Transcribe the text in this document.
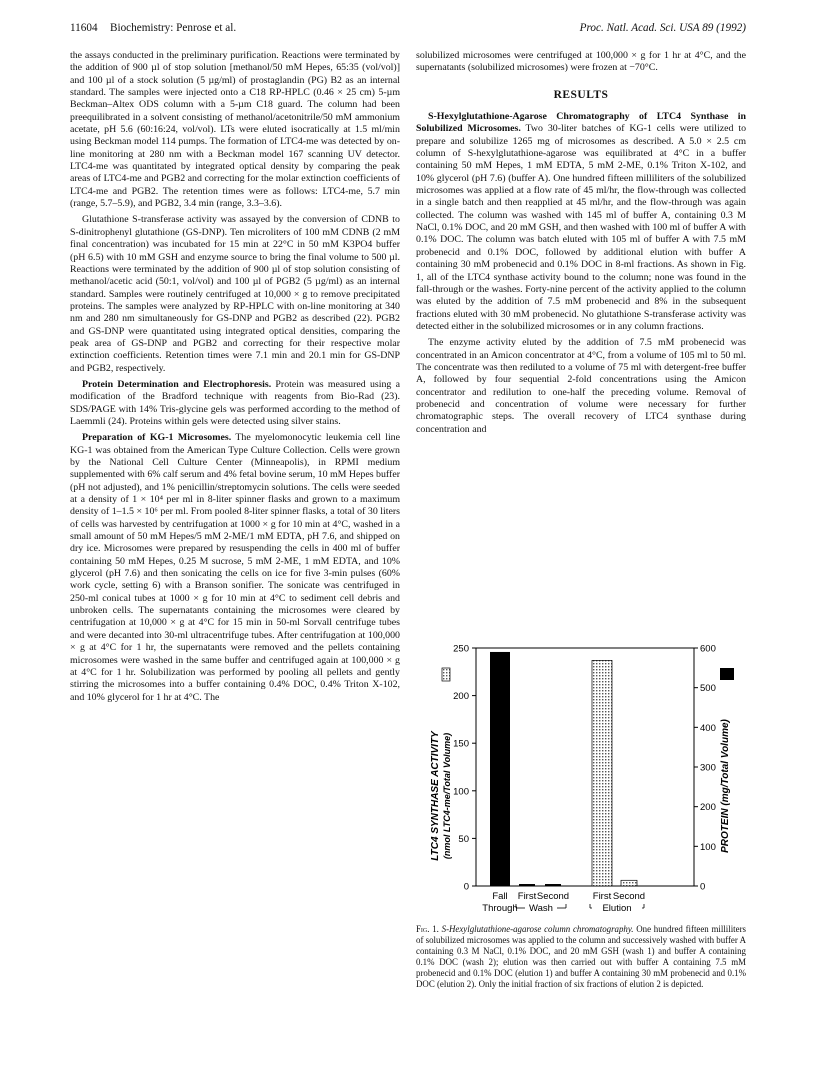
11604 Biochemistry: Penrose et al.	Proc. Natl. Acad. Sci. USA 89 (1992)

the assays conducted in the preliminary purification. Reactions were terminated by the addition of 900 µl of stop solution [methanol/50 mM Hepes, 65:35 (vol/vol)] and 100 µl of a stock solution (5 µg/ml) of prostaglandin (PG) B2 as an internal standard. The samples were injected onto a C18 RP-HPLC (0.46 × 25 cm) 5-µm Beckman–Altex ODS column with a 5-µm C18 guard. The column had been preequilibrated in a solvent consisting of methanol/acetonitrile/50 mM ammonium acetate, pH 5.6 (60:16:24, vol/vol). LTs were eluted isocratically at 1.5 ml/min using Beckman model 114 pumps. The formation of LTC4-me was detected by on-line monitoring at 280 nm with a Beckman model 167 scanning UV detector. LTC4-me was quantitated by integrated optical density by comparing the peak areas of LTC4-me and PGB2 and correcting for the molar extinction coefficients of LTC4-me and PGB2. The retention times were as follows: LTC4-me, 5.7 min (range, 5.7–5.9), and PGB2, 3.4 min (range, 3.3–3.6).

Glutathione S-transferase activity was assayed by the conversion of CDNB to S-dinitrophenyl glutathione (GS-DNP). Ten microliters of 100 mM CDNB (2 mM final concentration) was incubated for 15 min at 22°C in 50 mM K3PO4 buffer (pH 6.5) with 10 mM GSH and enzyme source to bring the final volume to 500 µl. Reactions were terminated by the addition of 900 µl of stop solution consisting of methanol/acetic acid (50:1, vol/vol) and 100 µl of PGB2 (5 µg/ml) as an internal standard. Samples were routinely centrifuged at 10,000 × g to remove precipitated proteins. The samples were analyzed by RP-HPLC with on-line monitoring at 340 nm and 280 nm simultaneously for GS-DNP and PGB2 as described (22). PGB2 and GS-DNP were quantitated using integrated optical densities, comparing the peak area of GS-DNP and PGB2 and correcting for their respective molar extinction coefficients. Retention times were 7.1 min and 20.1 min for GS-DNP and PGB2, respectively.

Protein Determination and Electrophoresis. Protein was measured using a modification of the Bradford technique with reagents from Bio-Rad (23). SDS/PAGE with 14% Tris-glycine gels was performed according to the method of Laemmli (24). Proteins within gels were detected using silver stains.

Preparation of KG-1 Microsomes. The myelomonocytic leukemia cell line KG-1 was obtained from the American Type Culture Collection. Cells were grown by the National Cell Culture Center (Minneapolis), in RPMI medium supplemented with 6% calf serum and 4% fetal bovine serum, 10 mM Hepes buffer (pH not adjusted), and 1% penicillin/streptomycin solutions. The cells were seeded at a density of 1 × 10⁴ per ml in 8-liter spinner flasks and grown to a maximum density of 1–1.5 × 10⁶ per ml. From pooled 8-liter spinner flasks, a total of 30 liters of cells was harvested by centrifugation at 1000 × g for 10 min at 4°C, washed in a small amount of 50 mM Hepes/5 mM 2-ME/1 mM EDTA, pH 7.6, and shipped on dry ice. Microsomes were prepared by resuspending the cells in 400 ml of buffer containing 50 mM Hepes, 0.25 M sucrose, 5 mM 2-ME, 1 mM EDTA, and 10% glycerol (pH 7.6) and then sonicating the cells on ice for five 3-min pulses (60% work cycle, setting 6) with a Branson sonifier. The sonicate was centrifuged in 250-ml conical tubes at 1000 × g for 10 min at 4°C to sediment cell debris and unbroken cells. The supernatants containing the microsomes were cleared by centrifugation at 10,000 × g at 4°C for 15 min in 50-ml Sorvall centrifuge tubes and were decanted into 30-ml ultracentrifuge tubes. After centrifugation at 100,000 × g at 4°C for 1 hr, the supernatants were removed and the pellets containing microsomes were washed in the same buffer and centrifuged again at 100,000 × g at 4°C for 1 hr. Solubilization was performed by pooling all pellets and gently stirring the microsomes into a buffer containing 0.4% DOC, 0.4% Triton X-102, and 10% glycerol for 1 hr at 4°C. The

solubilized microsomes were centrifuged at 100,000 × g for 1 hr at 4°C, and the supernatants (solubilized microsomes) were frozen at −70°C.

RESULTS

S-Hexylglutathione-Agarose Chromatography of LTC4 Synthase in Solubilized Microsomes. Two 30-liter batches of KG-1 cells were utilized to prepare and solubilize 1265 mg of microsomes as described. A 5.0 × 2.5 cm column of S-hexylglutathione-agarose was equilibrated at 4°C in a buffer containing 50 mM Hepes, 1 mM EDTA, 5 mM 2-ME, 0.1% Triton X-102, and 10% glycerol (pH 7.6) (buffer A). One hundred fifteen milliliters of the solubilized microsomes was applied at a flow rate of 45 ml/hr, the flow-through was collected in a single batch and then reapplied at 45 ml/hr, and the flow-through was again collected. The column was washed with 145 ml of buffer A, containing 0.3 M NaCl, 0.1% DOC, and 20 mM GSH, and then washed with 100 ml of buffer A with 0.1% DOC. The column was batch eluted with 105 ml of buffer A with 7.5 mM probenecid and 0.1% DOC, followed by additional elution with buffer A containing 30 mM probenecid and 0.1% DOC in 8-ml fractions. As shown in Fig. 1, all of the LTC4 synthase activity bound to the column; none was found in the fall-through or the washes. Forty-nine percent of the activity applied to the column was eluted by the addition of 7.5 mM probenecid and 8% in the subsequent fractions eluted with 30 mM probenecid. No glutathione S-transferase activity was detected either in the solubilized microsomes or in any column fractions.

The enzyme activity eluted by the addition of 7.5 mM probenecid was concentrated in an Amicon concentrator at 4°C, from a volume of 105 ml to 50 ml. The concentrate was then rediluted to a volume of 75 ml with detergent-free buffer A, followed by four sequential 2-fold concentrations using the Amicon concentrator and redilution to one-half the preceding volume. Removal of probenecid and concentration of volume were necessary for further chromatographic steps. The overall recovery of LTC4 synthase during concentration and

0
50
100
150
200
250
0
100
200
300
400
500
600
Fall
Through
First Second First Second
Wash	Elution
LTC4 SYNTHASE ACTIVITY (nmol LTC4-me/Total Volume)	PROTEIN (mg/Total Volume)
Fig. 1. S-Hexylglutathione-agarose column chromatography. One hundred fifteen milliliters of solubilized microsomes was applied to the column and successively washed with buffer A containing 0.3 M NaCl, 0.1% DOC, and 20 mM GSH (wash 1) and buffer A containing 0.1% DOC (wash 2); elution was then carried out with buffer A containing 7.5 mM probenecid and 0.1% DOC (elution 1) and buffer A containing 30 mM probenecid and 0.1% DOC (elution 2). Only the initial fraction of six fractions of elution 2 is depicted.
